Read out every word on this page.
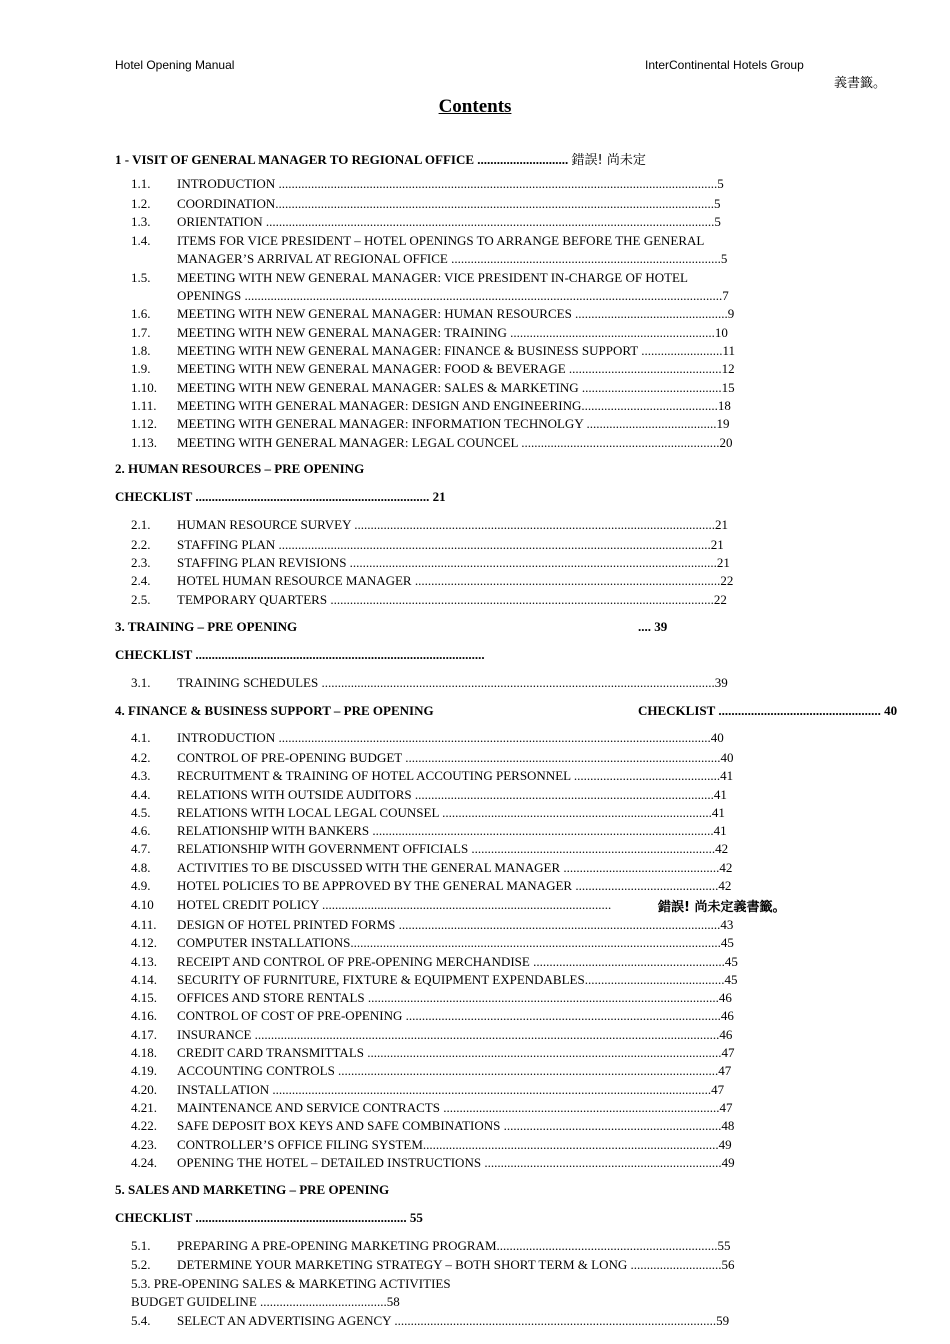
Hotel Opening Manual	InterContinental Hotels Group
義書籤。
Contents
1 - VISIT OF GENERAL MANAGER TO REGIONAL OFFICE ............................ 錯誤! 尚未定
1.1. INTRODUCTION .......................................................................................................................................5
1.2. COORDINATION.......................................................................................................................................5
1.3. ORIENTATION ..........................................................................................................................................5
1.4. ITEMS FOR VICE PRESIDENT – HOTEL OPENINGS TO ARRANGE BEFORE THE GENERAL
MANAGER’S ARRIVAL AT REGIONAL OFFICE ...................................................................................5
1.5. MEETING WITH NEW GENERAL MANAGER: VICE PRESIDENT IN-CHARGE OF HOTEL
OPENINGS ...................................................................................................................................................7
1.6. MEETING WITH NEW GENERAL MANAGER: HUMAN RESOURCES ...............................................9
1.7. MEETING WITH NEW GENERAL MANAGER: TRAINING ...............................................................10
1.8. MEETING WITH NEW GENERAL MANAGER: FINANCE & BUSINESS SUPPORT .........................11
1.9. MEETING WITH NEW GENERAL MANAGER: FOOD & BEVERAGE ...............................................12
1.10. MEETING WITH NEW GENERAL MANAGER: SALES & MARKETING ...........................................15
1.11. MEETING WITH GENERAL MANAGER: DESIGN AND ENGINEERING..........................................18
1.12. MEETING WITH GENERAL MANAGER: INFORMATION TECHNOLGY ........................................19
1.13. MEETING WITH GENERAL MANAGER: LEGAL COUNCEL .............................................................20
2. HUMAN RESOURCES – PRE OPENING
CHECKLIST ........................................................................ 21
2.1. HUMAN RESOURCE SURVEY ...............................................................................................................21
2.2. STAFFING PLAN .....................................................................................................................................21
2.3. STAFFING PLAN REVISIONS .................................................................................................................21
2.4. HOTEL HUMAN RESOURCE MANAGER ..............................................................................................22
2.5. TEMPORARY QUARTERS ......................................................................................................................22
3. TRAINING – PRE OPENING	.... 39
CHECKLIST .........................................................................................
3.1. TRAINING SCHEDULES .........................................................................................................................39
4. FINANCE & BUSINESS SUPPORT – PRE OPENING	CHECKLIST .................................................. 40
4.1. INTRODUCTION .....................................................................................................................................40
4.2. CONTROL OF PRE-OPENING BUDGET .................................................................................................40
4.3. RECRUITMENT & TRAINING OF HOTEL ACCOUTING PERSONNEL .............................................41
4.4. RELATIONS WITH OUTSIDE AUDITORS ............................................................................................41
4.5. RELATIONS WITH LOCAL LEGAL COUNSEL ...................................................................................41
4.6. RELATIONSHIP WITH BANKERS .........................................................................................................41
4.7. RELATIONSHIP WITH GOVERNMENT OFFICIALS ...........................................................................42
4.8. ACTIVITIES TO BE DISCUSSED WITH THE GENERAL MANAGER ................................................42
4.9. HOTEL POLICIES TO BE APPROVED BY THE GENERAL MANAGER ............................................42
4.10 HOTEL CREDIT POLICY .........................................................................................	錯誤! 尚未定義書籤。
4.11. DESIGN OF HOTEL PRINTED FORMS ...................................................................................................43
4.12. COMPUTER INSTALLATIONS..................................................................................................................45
4.13. RECEIPT AND CONTROL OF PRE-OPENING MERCHANDISE ...........................................................45
4.14. SECURITY OF FURNITURE, FIXTURE & EQUIPMENT EXPENDABLES...........................................45
4.15. OFFICES AND STORE RENTALS ............................................................................................................46
4.16. CONTROL OF COST OF PRE-OPENING .................................................................................................46
4.17. INSURANCE ...............................................................................................................................................46
4.18. CREDIT CARD TRANSMITTALS .............................................................................................................47
4.19. ACCOUNTING CONTROLS .....................................................................................................................47
4.20. INSTALLATION .......................................................................................................................................47
4.21. MAINTENANCE AND SERVICE CONTRACTS .....................................................................................47
4.22. SAFE DEPOSIT BOX KEYS AND SAFE COMBINATIONS ...................................................................48
4.23. CONTROLLER’S OFFICE FILING SYSTEM...........................................................................................49
4.24. OPENING THE HOTEL – DETAILED INSTRUCTIONS .........................................................................49
5. SALES AND MARKETING – PRE OPENING
CHECKLIST ................................................................. 55
5.1. PREPARING A PRE-OPENING MARKETING PROGRAM....................................................................55
5.2. DETERMINE YOUR MARKETING STRATEGY – BOTH SHORT TERM & LONG ............................56
5.3. PRE-OPENING SALES & MARKETING ACTIVITIES
BUDGET GUIDELINE .......................................58
5.4. SELECT AN ADVERTISING AGENCY ...................................................................................................59
